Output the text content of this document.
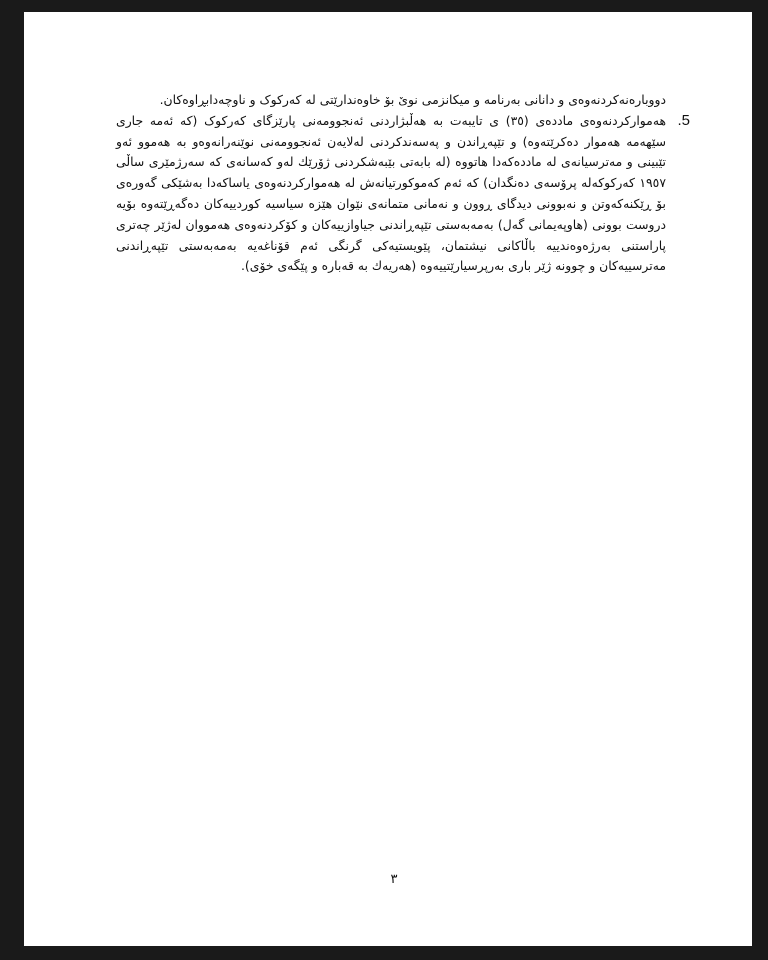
دووبارەنەکردنەوەی و دانانی بەرنامە و میکانزمی نوێ بۆ خاوەندارێتی لە کەرکوک و ناوچەدابڕاوەکان.

5.
هەموارکردنەوەی ماددەی (٣٥) ی تایبەت بە هەڵبژاردنی ئەنجوومەنی پارێزگای کەرکوک (کە ئەمە جاری سێهەمە هەموار دەکرێتەوە) و تێپەڕاندن و پەسەندکردنی لەلایەن ئەنجوومەنی نوێنەرانەوەو بە هەموو ئەو تێبینی و مەترسیانەی لە ماددەکەدا هاتووە (لە بابەتی بێبەشکردنی ژۆرێك لەو کەسانەی کە سەرژمێری ساڵی ١٩٥٧ کەرکوکەلە پرۆسەی دەنگدان) کە ئەم کەموکورتیانەش لە هەموارکردنەوەی یاساکەدا بەشێکی گەورەی بۆ ڕێکنەکەوتن و نەبوونی دیدگای ڕوون و نەمانی متمانەی نێوان هێزە سیاسیە کوردییەکان دەگەڕێتەوە بۆیە دروست بوونی (هاوپەیمانی گەل) بەمەبەستی تێپەڕاندنی جیاوازییەکان و کۆکردنەوەی هەمووان لەژێر چەتری پاراستنی بەرژەوەندییە باڵاکانی نیشتمان، پێویستیەکی گرنگی ئەم قۆناغەیە بەمەبەستی تێپەڕاندنی مەترسییەکان و چوونە ژێر باری بەرپرسیارێتییەوە (هەریەك بە قەبارە و پێگەی خۆی).

٣
